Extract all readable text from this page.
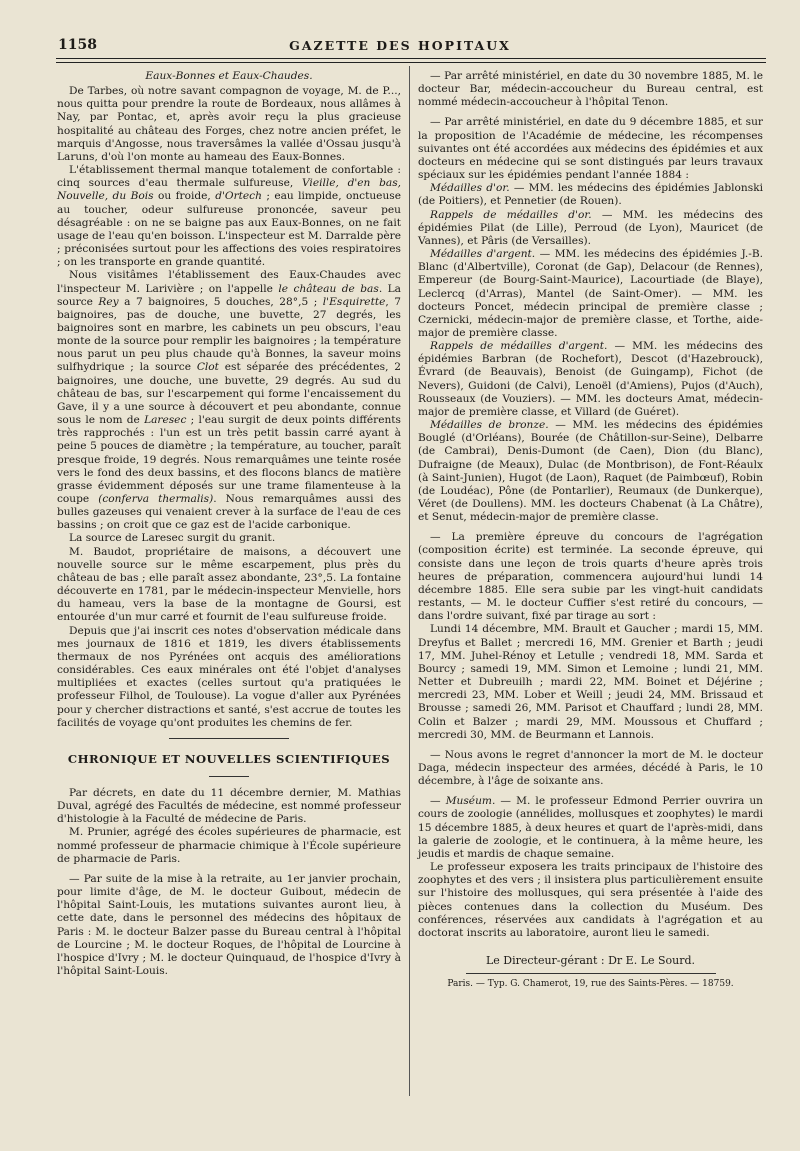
1158	GAZETTE DES HOPITAUX

Eaux-Bonnes et Eaux-Chaudes.

De Tarbes, où notre savant compagnon de voyage, M. de P..., nous quitta pour prendre la route de Bordeaux, nous allâmes à Nay, par Pontac, et, après avoir reçu la plus gracieuse hospitalité au château des Forges, chez notre ancien préfet, le marquis d'Angosse, nous traversâmes la vallée d'Ossau jusqu'à Laruns, d'où l'on monte au hameau des Eaux-Bonnes.

L'établissement thermal manque totalement de confortable : cinq sources d'eau thermale sulfureuse, Vieille, d'en bas, Nouvelle, du Bois ou froide, d'Ortech ; eau limpide, onctueuse au toucher, odeur sulfureuse prononcée, saveur peu désagréable : on ne se baigne pas aux Eaux-Bonnes, on ne fait usage de l'eau qu'en boisson. L'inspecteur est M. Darralde père ; préconisées surtout pour les affections des voies respiratoires ; on les transporte en grande quantité.

Nous visitâmes l'établissement des Eaux-Chaudes avec l'inspecteur M. Larivière ; on l'appelle le château de bas. La source Rey a 7 baignoires, 5 douches, 28°,5 ; l'Esquirette, 7 baignoires, pas de douche, une buvette, 27 degrés, les baignoires sont en marbre, les cabinets un peu obscurs, l'eau monte de la source pour remplir les baignoires ; la température nous parut un peu plus chaude qu'à Bonnes, la saveur moins sulfhydrique ; la source Clot est séparée des précédentes, 2 baignoires, une douche, une buvette, 29 degrés. Au sud du château de bas, sur l'escarpement qui forme l'encaissement du Gave, il y a une source à découvert et peu abondante, connue sous le nom de Laresec ; l'eau surgit de deux points différents très rapprochés : l'un est un très petit bassin carré ayant à peine 5 pouces de diamètre ; la température, au toucher, paraît presque froide, 19 degrés. Nous remarquâmes une teinte rosée vers le fond des deux bassins, et des flocons blancs de matière grasse évidemment déposés sur une trame filamenteuse à la coupe (conferva thermalis). Nous remarquâmes aussi des bulles gazeuses qui venaient crever à la surface de l'eau de ces bassins ; on croit que ce gaz est de l'acide carbonique.

La source de Laresec surgit du granit.

M. Baudot, propriétaire de maisons, a découvert une nouvelle source sur le même escarpement, plus près du château de bas ; elle paraît assez abondante, 23°,5. La fontaine découverte en 1781, par le médecin-inspecteur Menvielle, hors du hameau, vers la base de la montagne de Goursi, est entourée d'un mur carré et fournit de l'eau sulfureuse froide.

Depuis que j'ai inscrit ces notes d'observation médicale dans mes journaux de 1816 et 1819, les divers établissements thermaux de nos Pyrénées ont acquis des améliorations considérables. Ces eaux minérales ont été l'objet d'analyses multipliées et exactes (celles surtout qu'a pratiquées le professeur Filhol, de Toulouse). La vogue d'aller aux Pyrénées pour y chercher distractions et santé, s'est accrue de toutes les facilités de voyage qu'ont produites les chemins de fer.

CHRONIQUE ET NOUVELLES SCIENTIFIQUES

Par décrets, en date du 11 décembre dernier, M. Mathias Duval, agrégé des Facultés de médecine, est nommé professeur d'histologie à la Faculté de médecine de Paris.

M. Prunier, agrégé des écoles supérieures de pharmacie, est nommé professeur de pharmacie chimique à l'École supérieure de pharmacie de Paris.

— Par suite de la mise à la retraite, au 1er janvier prochain, pour limite d'âge, de M. le docteur Guibout, médecin de l'hôpital Saint-Louis, les mutations suivantes auront lieu, à cette date, dans le personnel des médecins des hôpitaux de Paris : M. le docteur Balzer passe du Bureau central à l'hôpital de Lourcine ; M. le docteur Roques, de l'hôpital de Lourcine à l'hospice d'Ivry ; M. le docteur Quinquaud, de l'hospice d'Ivry à l'hôpital Saint-Louis.

— Par arrêté ministériel, en date du 30 novembre 1885, M. le docteur Bar, médecin-accoucheur du Bureau central, est nommé médecin-accoucheur à l'hôpital Tenon.

— Par arrêté ministériel, en date du 9 décembre 1885, et sur la proposition de l'Académie de médecine, les récompenses suivantes ont été accordées aux médecins des épidémies et aux docteurs en médecine qui se sont distingués par leurs travaux spéciaux sur les épidémies pendant l'année 1884 :

Médailles d'or. — MM. les médecins des épidémies Jablonski (de Poitiers), et Pennetier (de Rouen).

Rappels de médailles d'or. — MM. les médecins des épidémies Pilat (de Lille), Perroud (de Lyon), Mauricet (de Vannes), et Pâris (de Versailles).

Médailles d'argent. — MM. les médecins des épidémies J.-B. Blanc (d'Albertville), Coronat (de Gap), Delacour (de Rennes), Empereur (de Bourg-Saint-Maurice), Lacourtiade (de Blaye), Leclercq (d'Arras), Mantel (de Saint-Omer). — MM. les docteurs Poncet, médecin principal de première classe ; Czernicki, médecin-major de première classe, et Torthe, aide-major de première classe.

Rappels de médailles d'argent. — MM. les médecins des épidémies Barbran (de Rochefort), Descot (d'Hazebrouck), Évrard (de Beauvais), Benoist (de Guingamp), Fichot (de Nevers), Guidoni (de Calvi), Lenoël (d'Amiens), Pujos (d'Auch), Rousseaux (de Vouziers). — MM. les docteurs Amat, médecin-major de première classe, et Villard (de Guéret).

Médailles de bronze. — MM. les médecins des épidémies Bouglé (d'Orléans), Bourée (de Châtillon-sur-Seine), Delbarre (de Cambrai), Denis-Dumont (de Caen), Dion (du Blanc), Dufraigne (de Meaux), Dulac (de Montbrison), de Font-Réaulx (à Saint-Junien), Hugot (de Laon), Raquet (de Paimbœuf), Robin (de Loudéac), Pône (de Pontarlier), Reumaux (de Dunkerque), Véret (de Doullens). MM. les docteurs Chabenat (à La Châtre), et Senut, médecin-major de première classe.

— La première épreuve du concours de l'agrégation (composition écrite) est terminée. La seconde épreuve, qui consiste dans une leçon de trois quarts d'heure après trois heures de préparation, commencera aujourd'hui lundi 14 décembre 1885. Elle sera subie par les vingt-huit candidats restants, — M. le docteur Cuffier s'est retiré du concours, — dans l'ordre suivant, fixé par tirage au sort :

Lundi 14 décembre, MM. Brault et Gaucher ; mardi 15, MM. Dreyfus et Ballet ; mercredi 16, MM. Grenier et Barth ; jeudi 17, MM. Juhel-Rénoy et Letulle ; vendredi 18, MM. Sarda et Bourcy ; samedi 19, MM. Simon et Lemoine ; lundi 21, MM. Netter et Dubreuilh ; mardi 22, MM. Boinet et Déjérine ; mercredi 23, MM. Lober et Weill ; jeudi 24, MM. Brissaud et Brousse ; samedi 26, MM. Parisot et Chauffard ; lundi 28, MM. Colin et Balzer ; mardi 29, MM. Moussous et Chuffard ; mercredi 30, MM. de Beurmann et Lannois.

— Nous avons le regret d'annoncer la mort de M. le docteur Daga, médecin inspecteur des armées, décédé à Paris, le 10 décembre, à l'âge de soixante ans.

— Muséum. — M. le professeur Edmond Perrier ouvrira un cours de zoologie (annélides, mollusques et zoophytes) le mardi 15 décembre 1885, à deux heures et quart de l'après-midi, dans la galerie de zoologie, et le continuera, à la même heure, les jeudis et mardis de chaque semaine.

Le professeur exposera les traits principaux de l'histoire des zoophytes et des vers ; il insistera plus particulièrement ensuite sur l'histoire des mollusques, qui sera présentée à l'aide des pièces contenues dans la collection du Muséum. Des conférences, réservées aux candidats à l'agrégation et au doctorat inscrits au laboratoire, auront lieu le samedi.

Le Directeur-gérant : Dr E. Le Sourd.

Paris. — Typ. G. Chamerot, 19, rue des Saints-Pères. — 18759.
